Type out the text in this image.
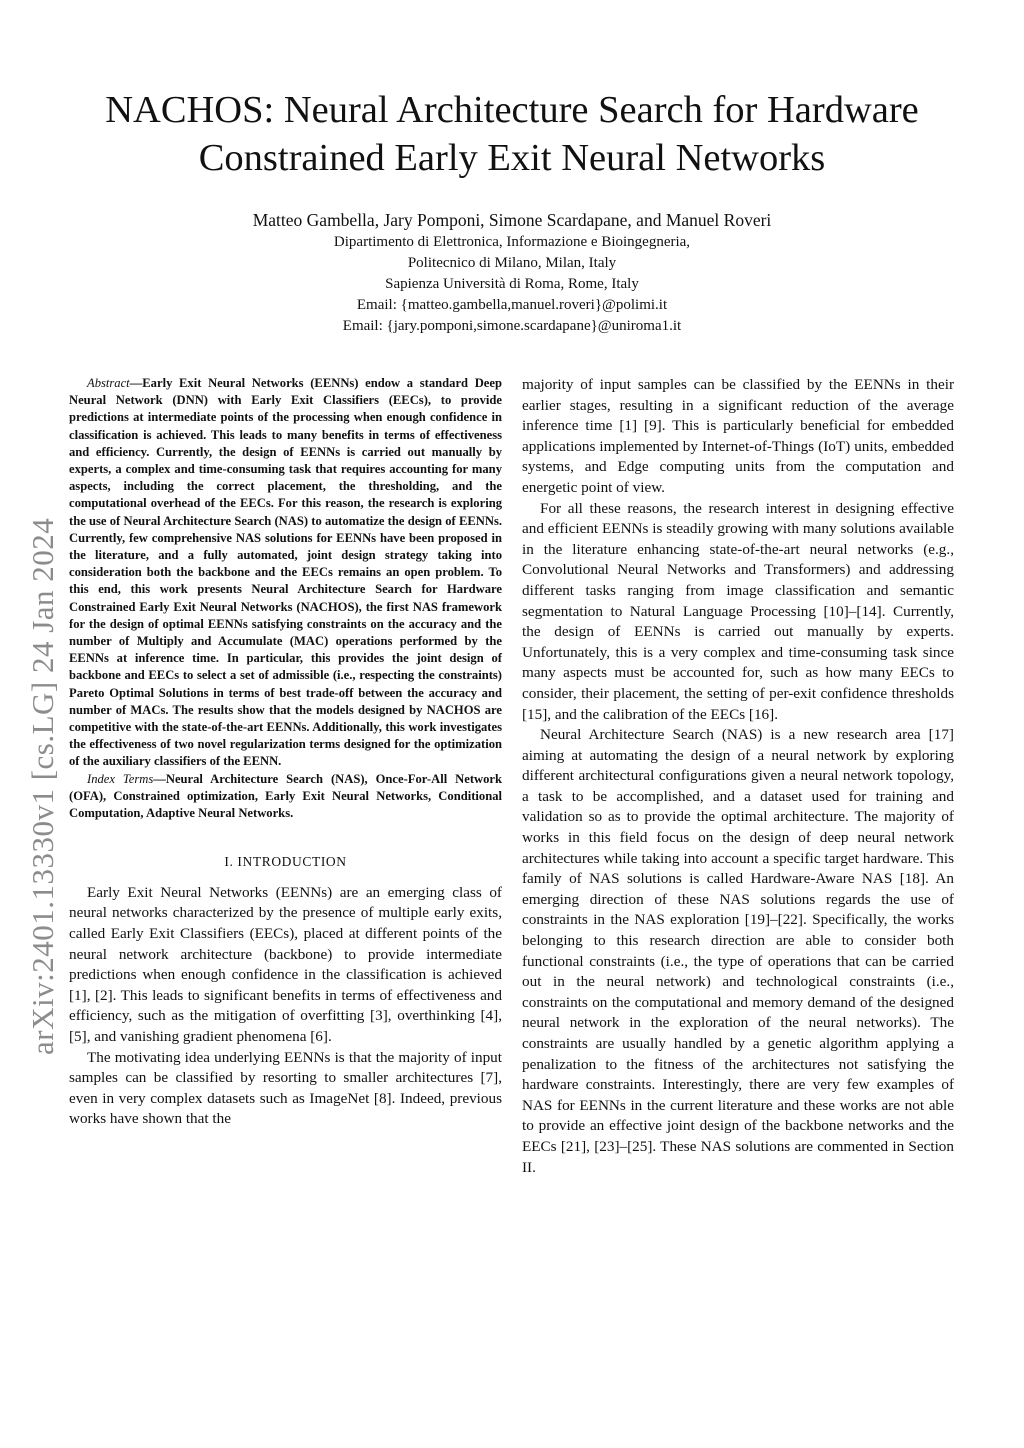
arXiv:2401.13330v1 [cs.LG] 24 Jan 2024
NACHOS: Neural Architecture Search for Hardware
Constrained Early Exit Neural Networks
Matteo Gambella, Jary Pomponi, Simone Scardapane, and Manuel Roveri
Dipartimento di Elettronica, Informazione e Bioingegneria,
Politecnico di Milano, Milan, Italy
Sapienza Università di Roma, Rome, Italy
Email: {matteo.gambella,manuel.roveri}@polimi.it
Email: {jary.pomponi,simone.scardapane}@uniroma1.it

Abstract—Early Exit Neural Networks (EENNs) endow a standard Deep Neural Network (DNN) with Early Exit Classifiers (EECs), to provide predictions at intermediate points of the processing when enough confidence in classification is achieved. This leads to many benefits in terms of effectiveness and efficiency. Currently, the design of EENNs is carried out manually by experts, a complex and time-consuming task that requires accounting for many aspects, including the correct placement, the thresholding, and the computational overhead of the EECs. For this reason, the research is exploring the use of Neural Architecture Search (NAS) to automatize the design of EENNs. Currently, few comprehensive NAS solutions for EENNs have been proposed in the literature, and a fully automated, joint design strategy taking into consideration both the backbone and the EECs remains an open problem. To this end, this work presents Neural Architecture Search for Hardware Constrained Early Exit Neural Networks (NACHOS), the first NAS framework for the design of optimal EENNs satisfying constraints on the accuracy and the number of Multiply and Accumulate (MAC) operations performed by the EENNs at inference time. In particular, this provides the joint design of backbone and EECs to select a set of admissible (i.e., respecting the constraints) Pareto Optimal Solutions in terms of best trade-off between the accuracy and number of MACs. The results show that the models designed by NACHOS are competitive with the state-of-the-art EENNs. Additionally, this work investigates the effectiveness of two novel regularization terms designed for the optimization of the auxiliary classifiers of the EENN.

Index Terms—Neural Architecture Search (NAS), Once-For-All Network (OFA), Constrained optimization, Early Exit Neural Networks, Conditional Computation, Adaptive Neural Networks.

I. INTRODUCTION

Early Exit Neural Networks (EENNs) are an emerging class of neural networks characterized by the presence of multiple early exits, called Early Exit Classifiers (EECs), placed at different points of the neural network architecture (backbone) to provide intermediate predictions when enough confidence in the classification is achieved [1], [2]. This leads to significant benefits in terms of effectiveness and efficiency, such as the mitigation of overfitting [3], overthinking [4], [5], and vanishing gradient phenomena [6].

The motivating idea underlying EENNs is that the majority of input samples can be classified by resorting to smaller architectures [7], even in very complex datasets such as ImageNet [8]. Indeed, previous works have shown that the

majority of input samples can be classified by the EENNs in their earlier stages, resulting in a significant reduction of the average inference time [1] [9]. This is particularly beneficial for embedded applications implemented by Internet-of-Things (IoT) units, embedded systems, and Edge computing units from the computation and energetic point of view.

For all these reasons, the research interest in designing effective and efficient EENNs is steadily growing with many solutions available in the literature enhancing state-of-the-art neural networks (e.g., Convolutional Neural Networks and Transformers) and addressing different tasks ranging from image classification and semantic segmentation to Natural Language Processing [10]–[14]. Currently, the design of EENNs is carried out manually by experts. Unfortunately, this is a very complex and time-consuming task since many aspects must be accounted for, such as how many EECs to consider, their placement, the setting of per-exit confidence thresholds [15], and the calibration of the EECs [16].

Neural Architecture Search (NAS) is a new research area [17] aiming at automating the design of a neural network by exploring different architectural configurations given a neural network topology, a task to be accomplished, and a dataset used for training and validation so as to provide the optimal architecture. The majority of works in this field focus on the design of deep neural network architectures while taking into account a specific target hardware. This family of NAS solutions is called Hardware-Aware NAS [18]. An emerging direction of these NAS solutions regards the use of constraints in the NAS exploration [19]–[22]. Specifically, the works belonging to this research direction are able to consider both functional constraints (i.e., the type of operations that can be carried out in the neural network) and technological constraints (i.e., constraints on the computational and memory demand of the designed neural network in the exploration of the neural networks). The constraints are usually handled by a genetic algorithm applying a penalization to the fitness of the architectures not satisfying the hardware constraints. Interestingly, there are very few examples of NAS for EENNs in the current literature and these works are not able to provide an effective joint design of the backbone networks and the EECs [21], [23]–[25]. These NAS solutions are commented in Section II.
